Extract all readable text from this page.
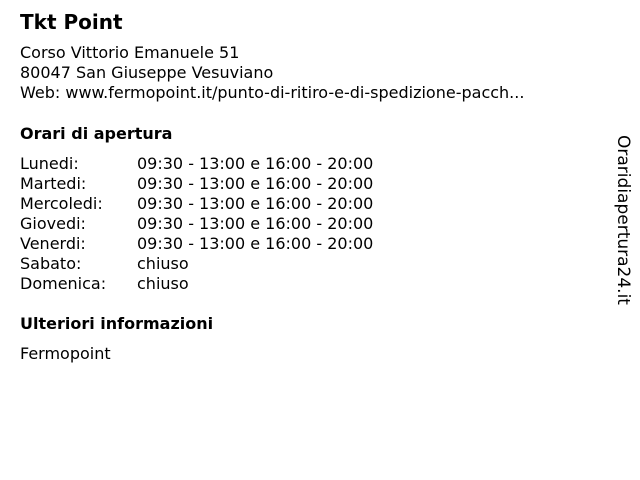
Tkt Point
Corso Vittorio Emanuele 51
80047 San Giuseppe Vesuviano
Web: www.fermopoint.it/punto-di-ritiro-e-di-spedizione-pacch...
Orari di apertura
Lunedi:	09:30 - 13:00 e 16:00 - 20:00
Martedi:	09:30 - 13:00 e 16:00 - 20:00
Mercoledi:	09:30 - 13:00 e 16:00 - 20:00
Giovedi:	09:30 - 13:00 e 16:00 - 20:00
Venerdi:	09:30 - 13:00 e 16:00 - 20:00
Sabato:	chiuso
Domenica:	chiuso
Ulteriori informazioni
Fermopoint
Oraridiapertura24.it
